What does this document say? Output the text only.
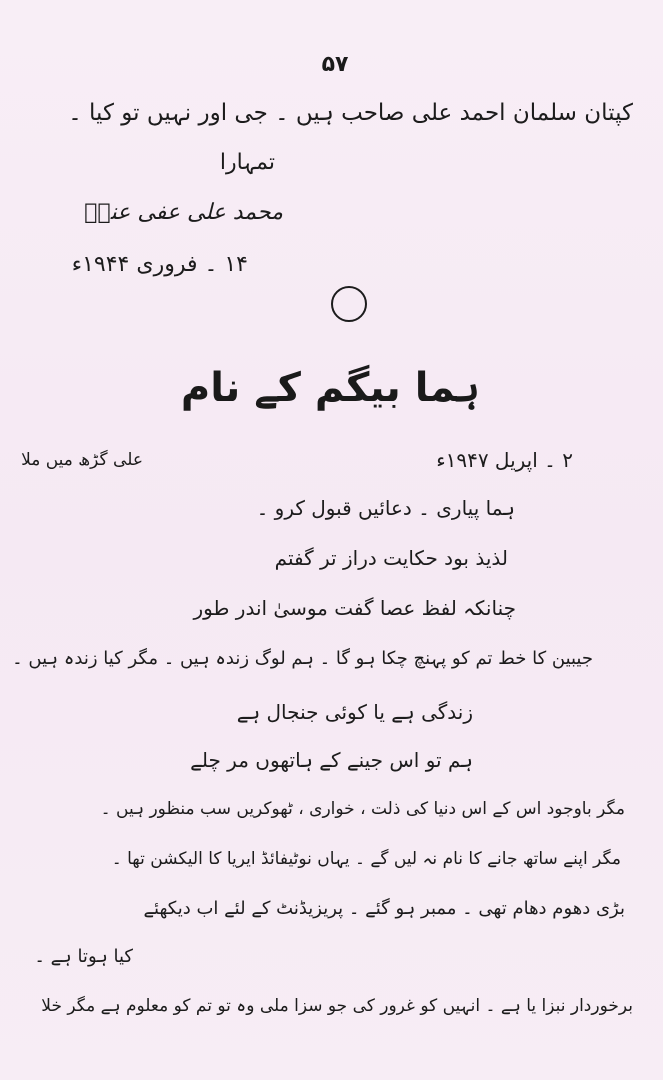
۵۷
کپتان سلمان احمد علی صاحب ہیں ۔ جی اور نہیں تو کیا ۔
تمہارا
محمد علی عفی عنہٗ
۱۴ ۔ فروری ۱۹۴۴ء
ہما بیگم کے نام
علی گڑھ میں ملا	۲ ۔ اپریل ۱۹۴۷ء
ہما پیاری ۔ دعائیں قبول کرو ۔
لذیذ بود حکایت دراز تر گفتم
چنانکہ لفظ عصا گفت موسیٰ اندر طور
جیبین کا خط تم کو پہنچ چکا ہو گا ۔ ہم لوگ زندہ ہیں ۔ مگر کیا زندہ ہیں ۔
زندگی ہے یا کوئی جنجال ہے
ہم تو اس جینے کے ہاتھوں مر چلے
مگر باوجود اس کے اس دنیا کی ذلت ، خواری ، ٹھوکریں سب منظور ہیں ۔
مگر اپنے ساتھ جانے کا نام نہ لیں گے ۔ یہاں نوٹیفائڈ ایریا کا الیکشن تھا ۔
بڑی دھوم دھام تھی ۔ ممبر ہو گئے ۔ پریزیڈنٹ کے لئے اب دیکھئے
کیا ہوتا ہے ۔
برخوردار نبزا یا ہے ۔ انہیں کو غرور کی جو سزا ملی وہ تو تم کو معلوم ہے مگر خلا
